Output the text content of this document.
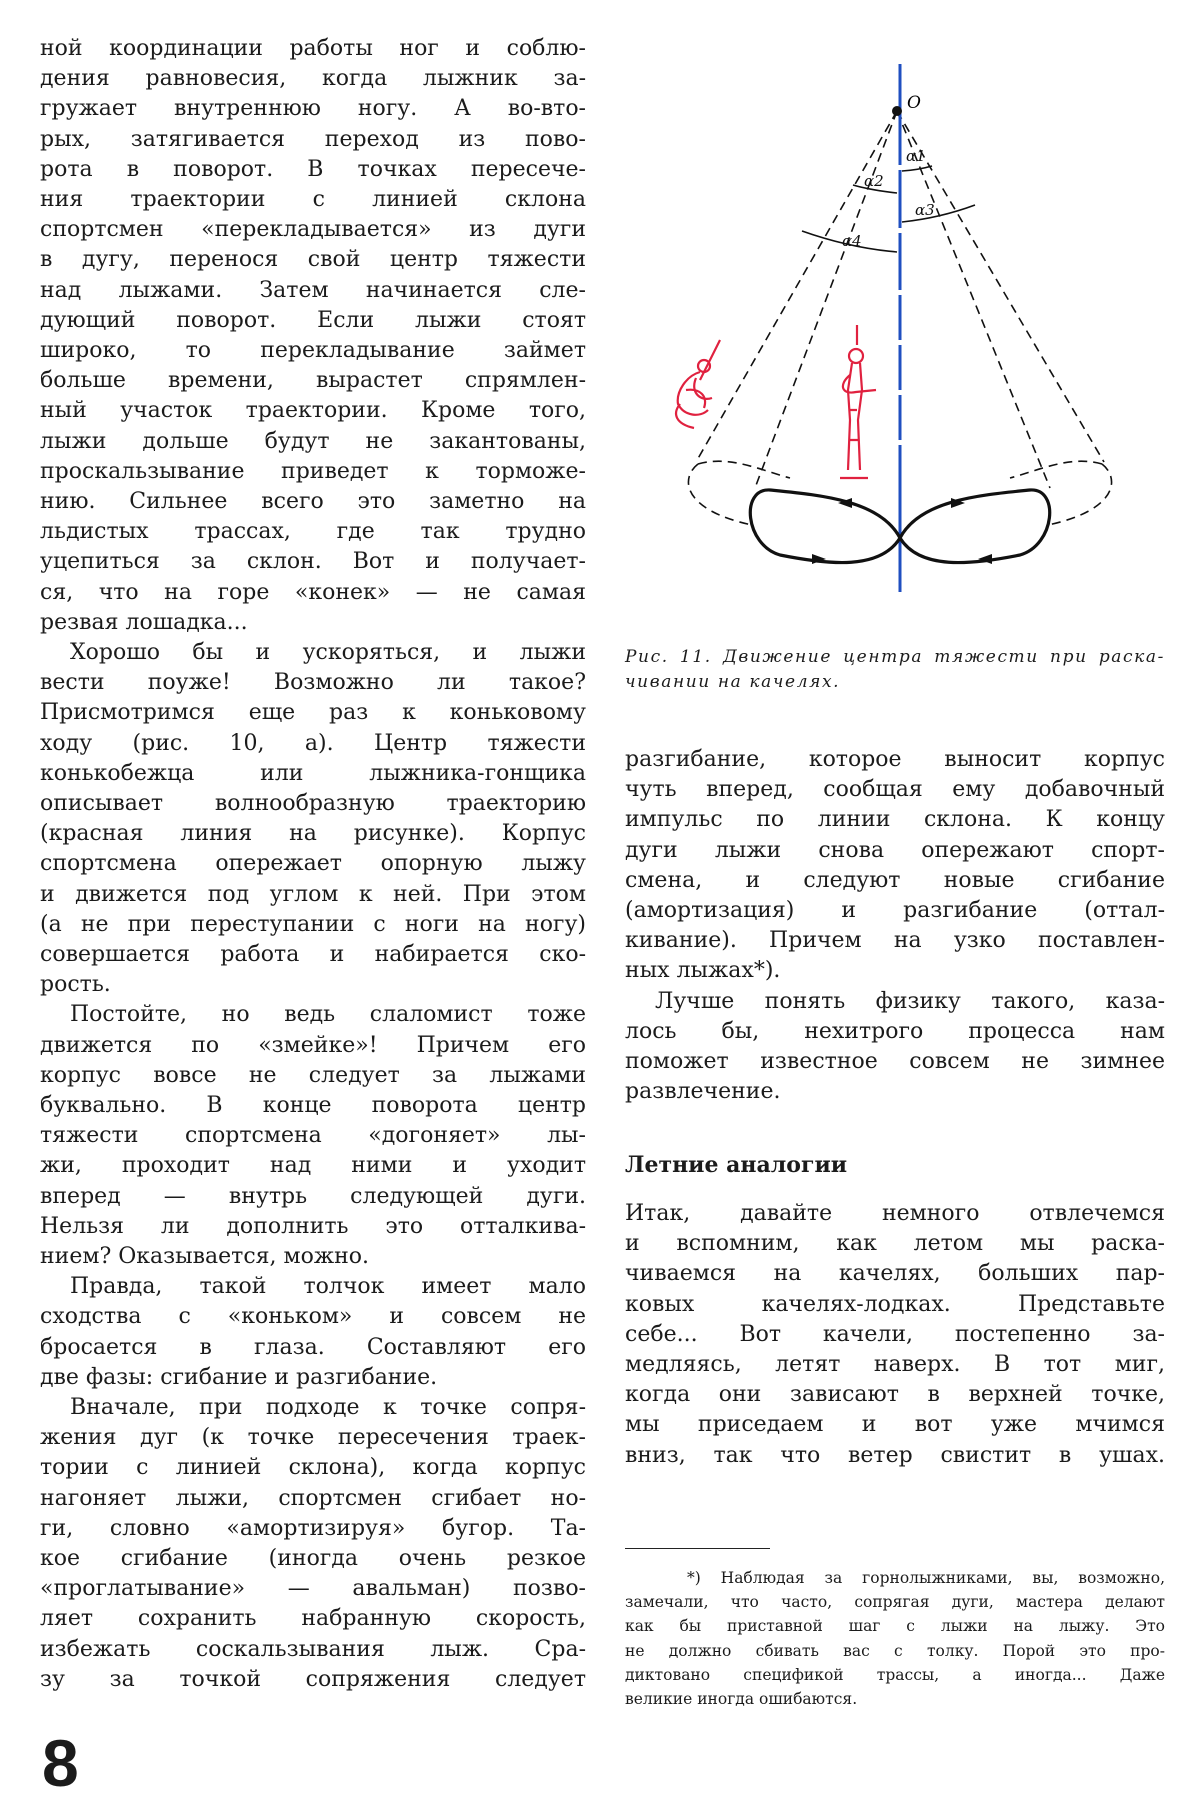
ной координации работы ног и соблю-
дения равновесия, когда лыжник за-
гружает внутреннюю ногу. А во-вто-
рых, затягивается переход из пово-
рота в поворот. В точках пересече-
ния траектории с линией склона
спортсмен «перекладывается» из дуги
в дугу, перенося свой центр тяжести
над лыжами. Затем начинается сле-
дующий поворот. Если лыжи стоят
широко, то перекладывание займет
больше времени, вырастет спрямлен-
ный участок траектории. Кроме того,
лыжи дольше будут не закантованы,
проскальзывание приведет к торможе-
нию. Сильнее всего это заметно на
льдистых трассах, где так трудно
уцепиться за склон. Вот и получает-
ся, что на горе «конек» — не самая
резвая лошадка...
Хорошо бы и ускоряться, и лыжи
вести поуже! Возможно ли такое?
Присмотримся еще раз к коньковому
ходу (рис. 10, а). Центр тяжести
конькобежца или лыжника-гонщика
описывает волнообразную траекторию
(красная линия на рисунке). Корпус
спортсмена опережает опорную лыжу
и движется под углом к ней. При этом
(а не при переступании с ноги на ногу)
совершается работа и набирается ско-
рость.
Постойте, но ведь слаломист тоже
движется по «змейке»! Причем его
корпус вовсе не следует за лыжами
буквально. В конце поворота центр
тяжести спортсмена «догоняет» лы-
жи, проходит над ними и уходит
вперед — внутрь следующей дуги.
Нельзя ли дополнить это отталкива-
нием? Оказывается, можно.
Правда, такой толчок имеет мало
сходства с «коньком» и совсем не
бросается в глаза. Составляют его
две фазы: сгибание и разгибание.
Вначале, при подходе к точке сопря-
жения дуг (к точке пересечения траек-
тории с линией склона), когда корпус
нагоняет лыжи, спортсмен сгибает но-
ги, словно «амортизируя» бугор. Та-
кое сгибание (иногда очень резкое
«проглатывание» — авальман) позво-
ляет сохранить набранную скорость,
избежать соскальзывания лыж. Сра-
зу за точкой сопряжения следует
разгибание, которое выносит корпус
чуть вперед, сообщая ему добавочный
импульс по линии склона. К концу
дуги лыжи снова опережают спорт-
смена, и следуют новые сгибание
(амортизация) и разгибание (оттал-
кивание). Причем на узко поставлен-
ных лыжах*).
Лучше понять физику такого, каза-
лось бы, нехитрого процесса нам
поможет известное совсем не зимнее
развлечение.
Итак, давайте немного отвлечемся
и вспомним, как летом мы раска-
чиваемся на качелях, больших пар-
ковых качелях-лодках. Представьте
себе... Вот качели, постепенно за-
медляясь, летят наверх. В тот миг,
когда они зависают в верхней точке,
мы приседаем и вот уже мчимся
вниз, так что ветер свистит в ушах.
Летние аналогии
O
α1
α2
α3
α4
Рис. 11. Движение центра тяжести при раска-
чивании на качелях.
*) Наблюдая за горнолыжниками, вы, возможно,
замечали, что часто, сопрягая дуги, мастера делают
как бы приставной шаг с лыжи на лыжу. Это
не должно сбивать вас с толку. Порой это про-
диктовано спецификой трассы, а иногда... Даже
великие иногда ошибаются.
8
